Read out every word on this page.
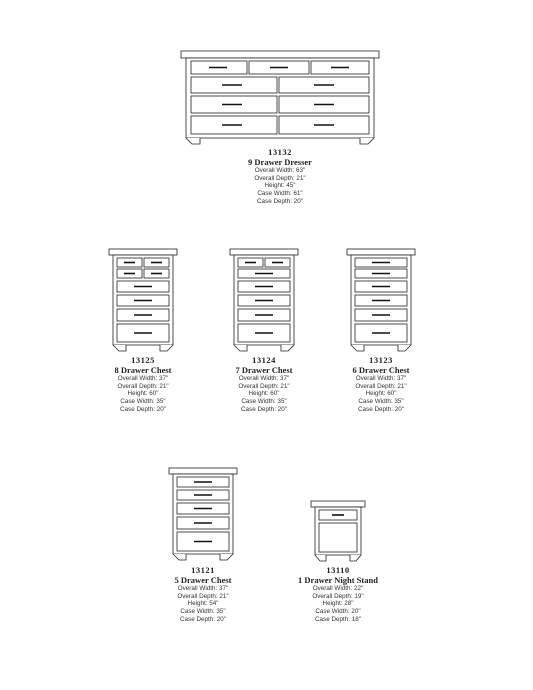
13132
9 Drawer Dresser
Overall Width: 63"
Overall Depth: 21"
Height: 45"
Case Width: 61"
Case Depth: 20"
13125
8 Drawer Chest
Overall Width: 37"
Overall Depth: 21"
Height: 60"
Case Width: 35"
Case Depth: 20"
13124
7 Drawer Chest
Overall Width: 37"
Overall Depth: 21"
Height: 60"
Case Width: 35"
Case Depth: 20"
13123
6 Drawer Chest
Overall Width: 37"
Overall Depth: 21"
Height: 60"
Case Width: 35"
Case Depth: 20"
13121
5 Drawer Chest
Overall Width: 37"
Overall Depth: 21"
Height: 54"
Case Width: 35"
Case Depth: 20"
13110
1 Drawer Night Stand
Overall Width: 22"
Overall Depth: 19"
Height: 28"
Case Width: 20"
Case Depth: 18"
